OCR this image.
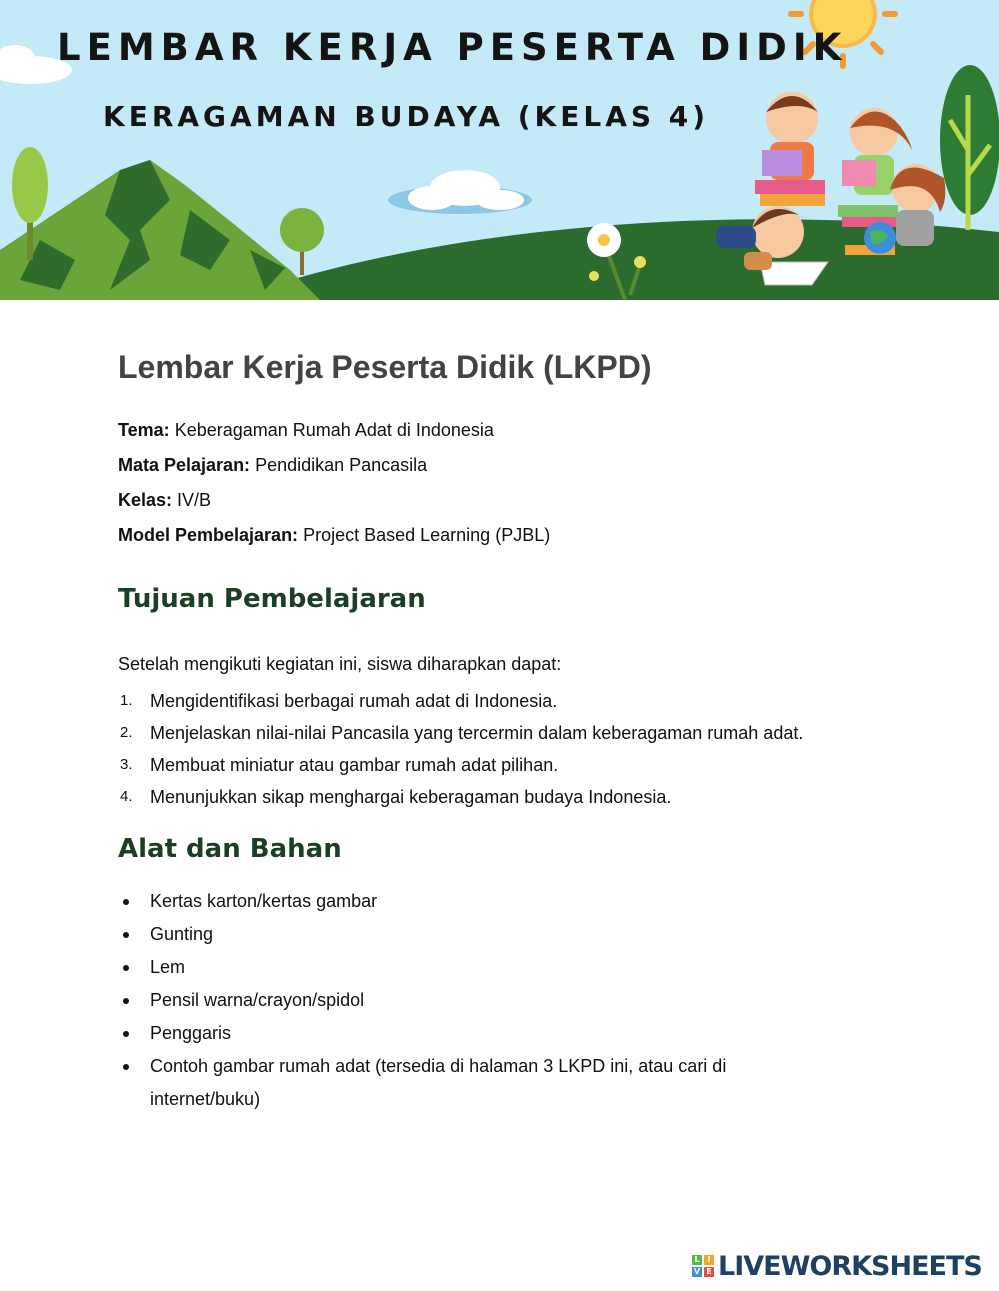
LEMBAR KERJA PESERTA DIDIK
KERAGAMAN BUDAYA (KELAS 4)
Lembar Kerja Peserta Didik (LKPD)
Tema: Keberagaman Rumah Adat di Indonesia
Mata Pelajaran: Pendidikan Pancasila
Kelas: IV/B
Model Pembelajaran: Project Based Learning (PJBL)
Tujuan Pembelajaran
Setelah mengikuti kegiatan ini, siswa diharapkan dapat:
1. Mengidentifikasi berbagai rumah adat di Indonesia.
2. Menjelaskan nilai-nilai Pancasila yang tercermin dalam keberagaman rumah adat.
3. Membuat miniatur atau gambar rumah adat pilihan.
4. Menunjukkan sikap menghargai keberagaman budaya Indonesia.
Alat dan Bahan
Kertas karton/kertas gambar
Gunting
Lem
Pensil warna/crayon/spidol
Penggaris
Contoh gambar rumah adat (tersedia di halaman 3 LKPD ini, atau cari di internet/buku)
L I
V E LIVEWORKSHEETS
